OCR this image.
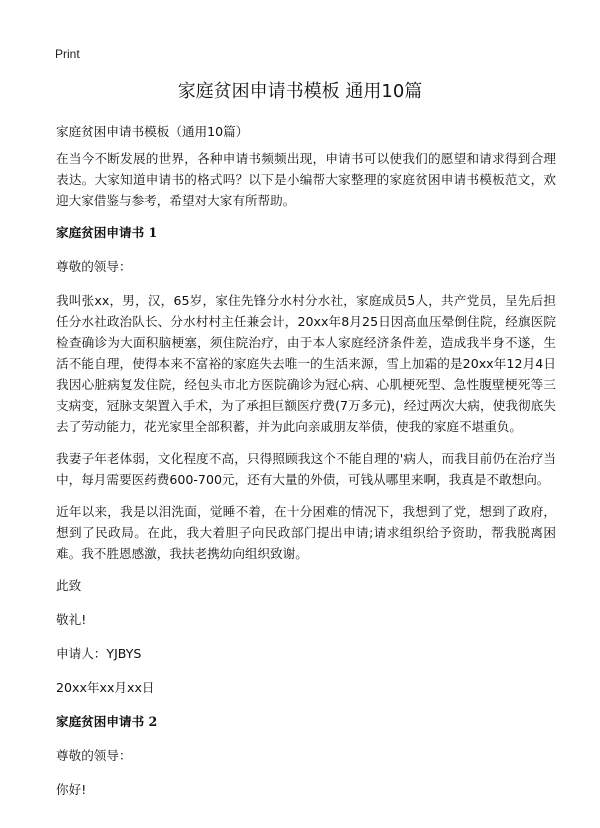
Print
家庭贫困申请书模板 通用10篇

家庭贫困申请书模板（通用10篇）

在当今不断发展的世界，各种申请书频频出现，申请书可以使我们的愿望和请求得到合理表达。大家知道申请书的格式吗？以下是小编帮大家整理的家庭贫困申请书模板范文，欢迎大家借鉴与参考，希望对大家有所帮助。

家庭贫困申请书 1

尊敬的领导：

我叫张xx，男，汉，65岁，家住先锋分水村分水社，家庭成员5人，共产党员，呈先后担任分水社政治队长、分水村村主任兼会计，20xx年8月25日因高血压晕倒住院，经旗医院检查确诊为大面积脑梗塞，须住院治疗，由于本人家庭经济条件差，造成我半身不遂，生活不能自理，使得本来不富裕的家庭失去唯一的生活来源，雪上加霜的是20xx年12月4日我因心脏病复发住院，经包头市北方医院确诊为冠心病、心肌梗死型、急性腹壁梗死等三支病变，冠脉支架置入手术，为了承担巨额医疗费(7万多元)，经过两次大病，使我彻底失去了劳动能力，花光家里全部积蓄，并为此向亲戚朋友举债，使我的家庭不堪重负。

我妻子年老体弱，文化程度不高，只得照顾我这个不能自理的'病人，而我目前仍在治疗当中，每月需要医药费600-700元，还有大量的外债，可钱从哪里来啊，我真是不敢想向。

近年以来，我是以泪洗面，觉睡不着，在十分困难的情况下，我想到了党，想到了政府，想到了民政局。在此，我大着胆子向民政部门提出申请;请求组织给予资助，帮我脱离困难。我不胜恩感激，我扶老携幼向组织致谢。

此致

敬礼!

申请人：YJBYS

20xx年xx月xx日

家庭贫困申请书 2

尊敬的领导：

你好!
